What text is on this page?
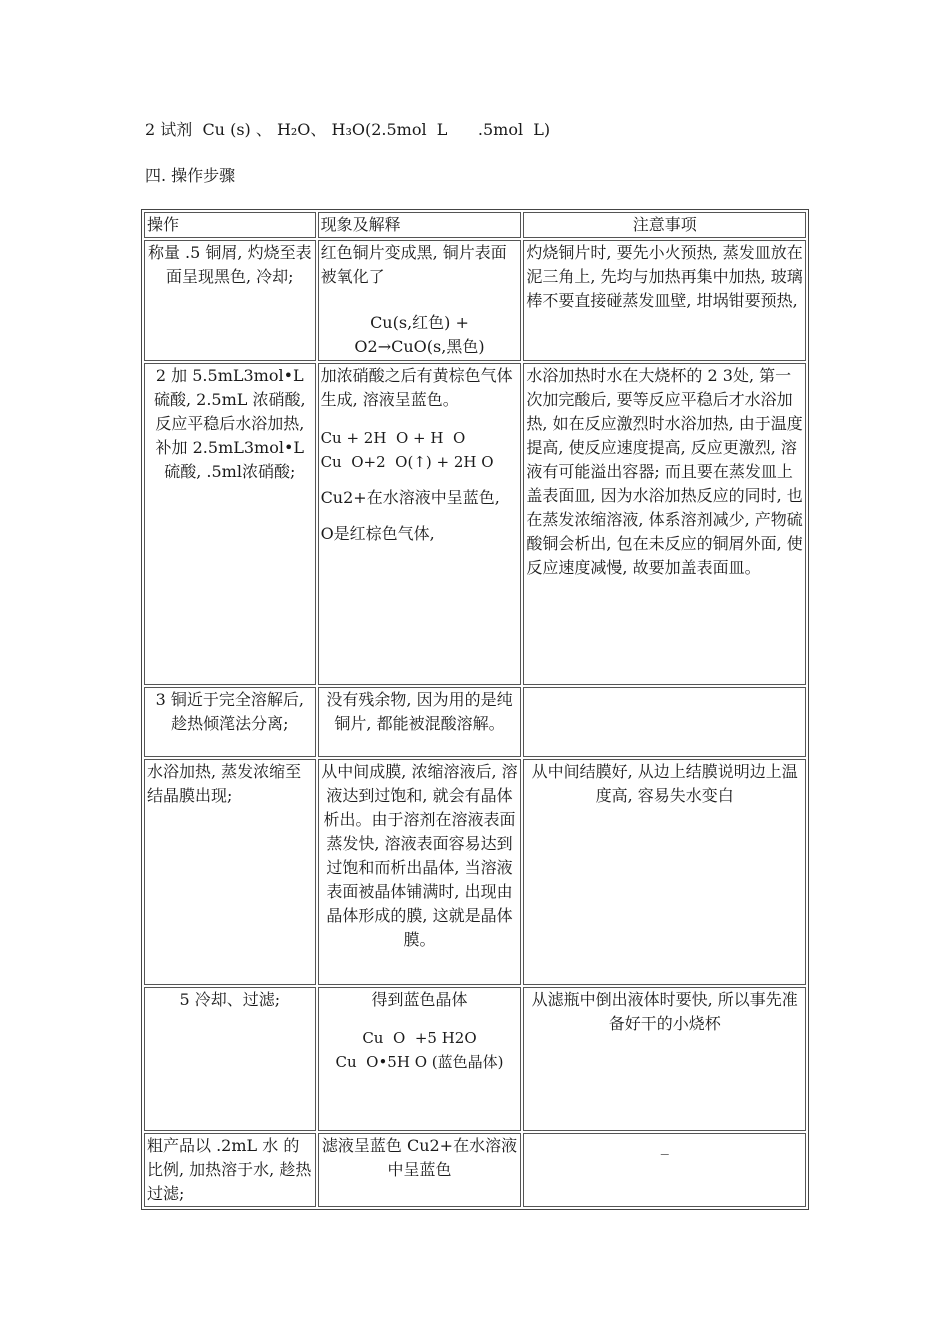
2 试剂  Cu (s) 、 H₂O、 H₃O(2.5mol  L      .5mol  L)
四. 操作步骤
操作	现象及解释	注意事项
称量 .5 铜屑, 灼烧至表面呈现黑色, 冷却;	红色铜片变成黑, 铜片表面被氧化了
Cu(s,红色) +
O2→CuO(s,黑色)	灼烧铜片时, 要先小火预热, 蒸发皿放在泥三角上, 先均与加热再集中加热, 玻璃棒不要直接碰蒸发皿壁, 坩埚钳要预热,
2 加 5.5mL3mol•L 硫酸, 2.5mL 浓硝酸, 反应平稳后水浴加热, 补加 2.5mL3mol•L 硫酸, .5ml浓硝酸;	加浓硝酸之后有黄棕色气体生成, 溶液呈蓝色。
Cu + 2H  O + H  O
Cu  O+2  O(↑) + 2H O
Cu2+在水溶液中呈蓝色,
O是红棕色气体,	水浴加热时水在大烧杯的 2 3处, 第一次加完酸后, 要等反应平稳后才水浴加热, 如在反应激烈时水浴加热, 由于温度提高, 使反应速度提高, 反应更激烈, 溶液有可能溢出容器; 而且要在蒸发皿上盖表面皿, 因为水浴加热反应的同时, 也在蒸发浓缩溶液, 体系溶剂减少, 产物硫酸铜会析出, 包在未反应的铜屑外面, 使反应速度减慢, 故要加盖表面皿。
3 铜近于完全溶解后, 趁热倾滗法分离;	没有残余物, 因为用的是纯铜片, 都能被混酸溶解。	
水浴加热, 蒸发浓缩至结晶膜出现;	从中间成膜, 浓缩溶液后, 溶液达到过饱和, 就会有晶体析出。由于溶剂在溶液表面蒸发快, 溶液表面容易达到过饱和而析出晶体, 当溶液表面被晶体铺满时, 出现由晶体形成的膜, 这就是晶体膜。	从中间结膜好, 从边上结膜说明边上温度高, 容易失水变白
5 冷却、过滤;	得到蓝色晶体
Cu  O  +5 H2O
Cu  O•5H O (蓝色晶体)	从滤瓶中倒出液体时要快, 所以事先准备好干的小烧杯
粗产品以 .2mL 水 的比例, 加热溶于水, 趁热过滤;	滤液呈蓝色 Cu2+在水溶液中呈蓝色	_
